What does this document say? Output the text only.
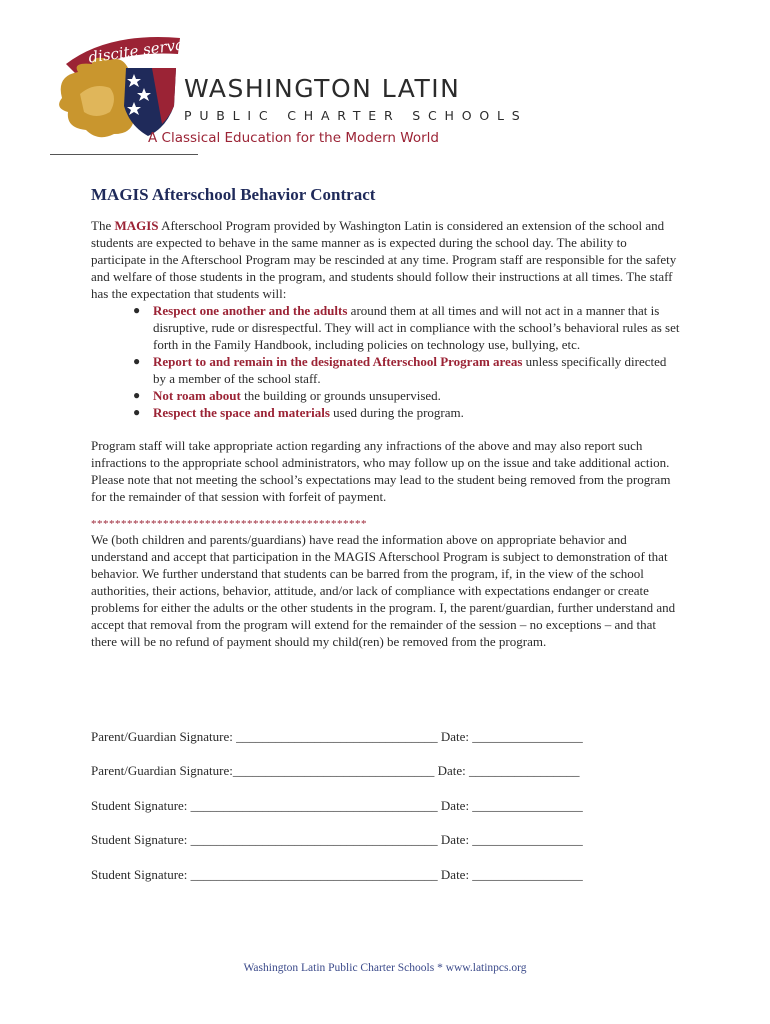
discite servaturi
WASHINGTON LATIN
PUBLIC CHARTER SCHOOLS
A Classical Education for the Modern World
MAGIS Afterschool Behavior Contract

The MAGIS Afterschool Program provided by Washington Latin is considered an extension of the school and students are expected to behave in the same manner as is expected during the school day. The ability to participate in the Afterschool Program may be rescinded at any time. Program staff are responsible for the safety and welfare of those students in the program, and students should follow their instructions at all times. The staff has the expectation that students will:

● Respect one another and the adults around them at all times and will not act in a manner that is disruptive, rude or disrespectful. They will act in compliance with the school’s behavioral rules as set forth in the Family Handbook, including policies on technology use, bullying, etc.
● Report to and remain in the designated Afterschool Program areas unless specifically directed by a member of the school staff.
● Not roam about the building or grounds unsupervised.
● Respect the space and materials used during the program.

Program staff will take appropriate action regarding any infractions of the above and may also report such infractions to the appropriate school administrators, who may follow up on the issue and take additional action. Please note that not meeting the school’s expectations may lead to the student being removed from the program for the remainder of that session with forfeit of payment.

**********************************************

We (both children and parents/guardians) have read the information above on appropriate behavior and understand and accept that participation in the MAGIS Afterschool Program is subject to demonstration of that behavior. We further understand that students can be barred from the program, if, in the view of the school authorities, their actions, behavior, attitude, and/or lack of compliance with expectations endanger or create problems for either the adults or the other students in the program. I, the parent/guardian, further understand and accept that removal from the program will extend for the remainder of the session – no exceptions – and that there will be no refund of payment should my child(ren) be removed from the program.

Parent/Guardian Signature: _______________________________ Date: _________________
Parent/Guardian Signature:_______________________________ Date: _________________
Student Signature: ______________________________________ Date: _________________
Student Signature: ______________________________________ Date: _________________
Student Signature: ______________________________________ Date: _________________
Washington Latin Public Charter Schools * www.latinpcs.org
